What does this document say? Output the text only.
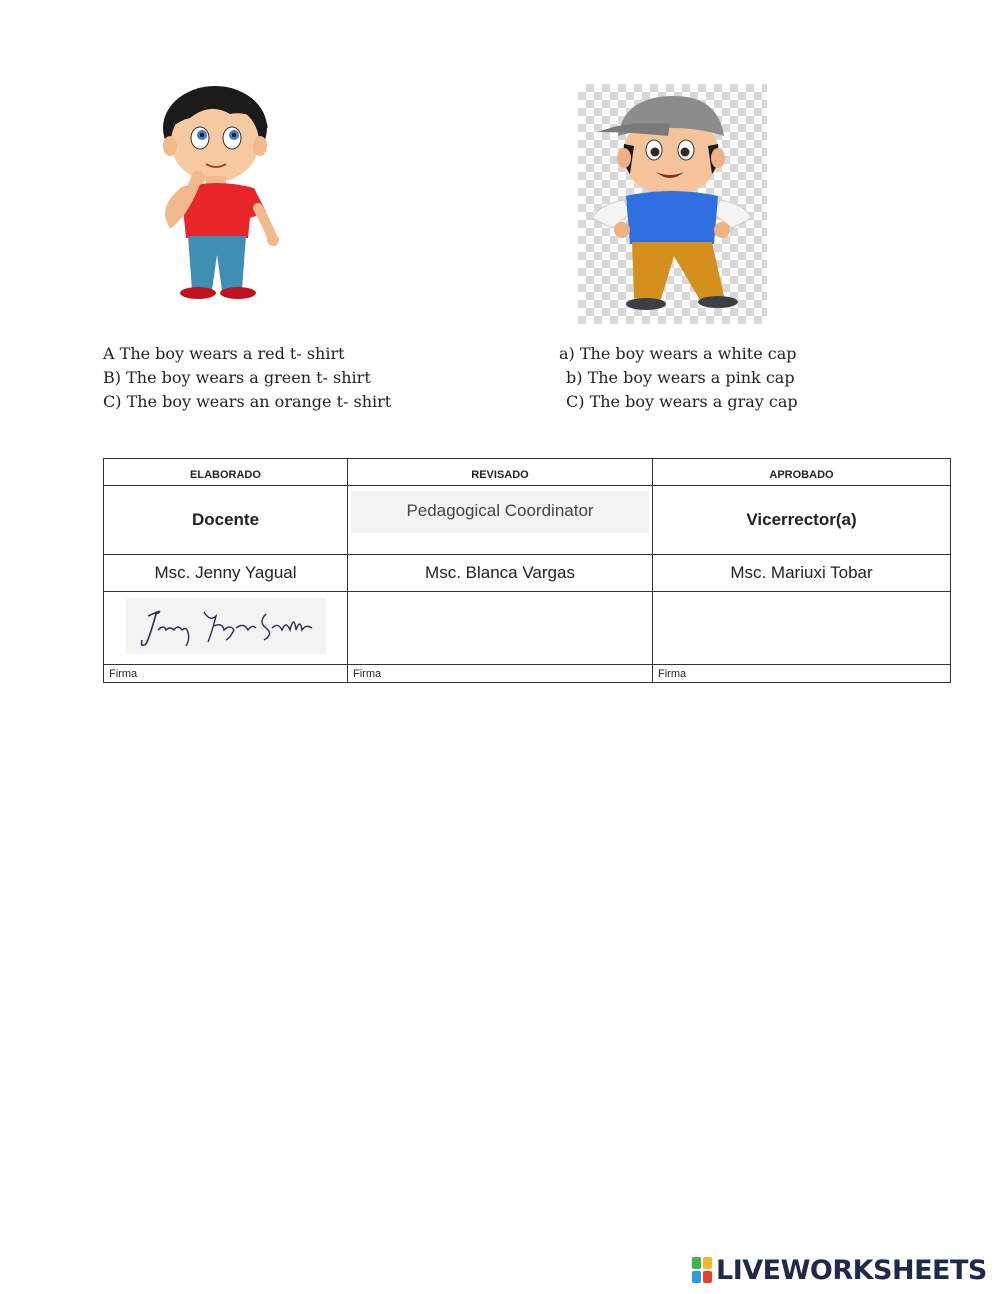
A The boy wears a red t- shirt
B) The boy wears a green t- shirt
C) The boy wears an orange t- shirt
a) The boy wears a white cap
b) The boy wears a pink cap
C) The boy wears a gray cap
ELABORADO	REVISADO	APROBADO
Docente	Pedagogical Coordinator	Vicerrector(a)
Msc. Jenny Yagual	Msc. Blanca Vargas	Msc. Mariuxi Tobar

Firma	Firma	Firma
LIVEWORKSHEETS
